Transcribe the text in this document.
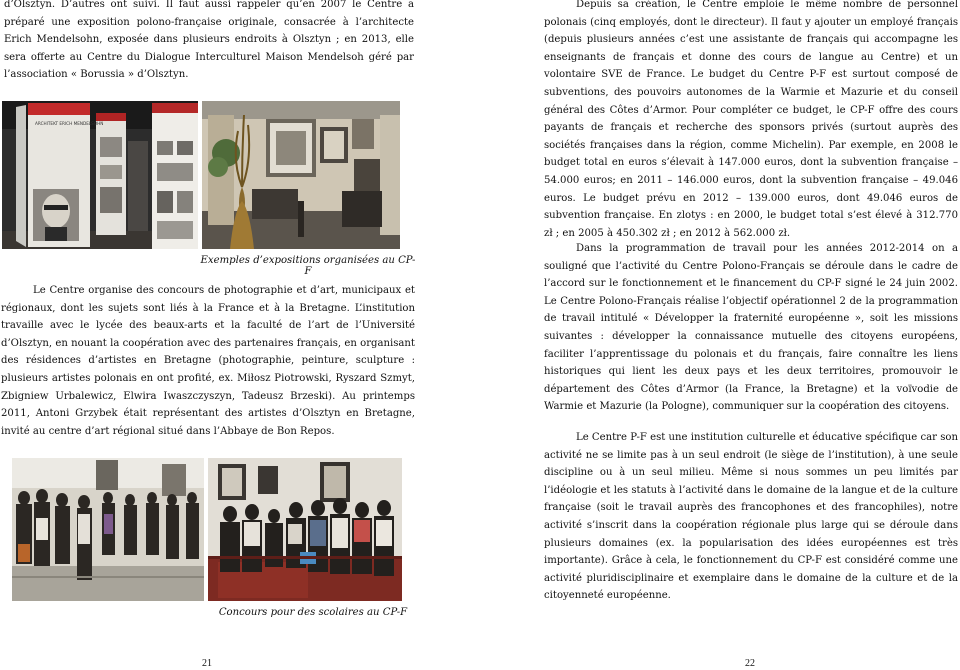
d’Olsztyn. D’autres ont suivi. Il faut aussi rappeler qu’en 2007 le Centre a préparé une exposition polono-française originale, consacrée à l’architecte Erich Mendelsohn, exposée dans plusieurs endroits à Olsztyn ; en 2013, elle sera offerte au Centre du Dialogue Interculturel Maison Mendelsoh géré par l’association « Borussia » d’Olsztyn.

ARCHITEKT ERICH MENDELSOHN

Exemples d’expositions organisées au CP-F

Le Centre organise des concours de photographie et d’art, municipaux et régionaux, dont les sujets sont liés à la France et à la Bretagne. L’institution travaille avec le lycée des beaux-arts et la faculté de l’art de l’Université d’Olsztyn, en nouant la coopération avec des partenaires français, en organisant des résidences d’artistes en Bretagne (photographie, peinture, sculpture : plusieurs artistes polonais en ont profité, ex. Miłosz Piotrowski, Ryszard Szmyt, Zbigniew Urbalewicz, Elwira Iwaszczyszyn, Tadeusz Brzeski). Au printemps 2011, Antoni Grzybek était représentant des artistes d’Olsztyn en Bretagne, invité au centre d’art régional situé dans l’Abbaye de Bon Repos.

Concours pour des scolaires au CP-F

21

Depuis sa création, le Centre emploie le même nombre de personnel polonais (cinq employés, dont le directeur). Il faut y ajouter un employé français (depuis plusieurs années c’est une assistante de français qui accompagne les enseignants de français et donne des cours de langue au Centre) et un volontaire SVE de France. Le budget du Centre P-F est surtout composé de subventions, des pouvoirs autonomes de la Warmie et Mazurie et du conseil général des Côtes d’Armor. Pour compléter ce budget, le CP-F offre des cours payants de français et recherche des sponsors privés (surtout auprès des sociétés françaises dans la région, comme Michelin). Par exemple, en 2008 le budget total en euros s’élevait à 147.000 euros, dont la subvention française – 54.000 euros; en 2011 – 146.000 euros, dont la subvention française – 49.046 euros. Le budget prévu en 2012 – 139.000 euros, dont 49.046 euros de subvention française. En zlotys : en 2000, le budget total s’est élevé à 312.770 zł ; en 2005 à 450.302 zł ; en 2012 à 562.000 zł.

Dans la programmation de travail pour les années 2012-2014 on a souligné que l’activité du Centre Polono-Français se déroule dans le cadre de l’accord sur le fonctionnement et le financement du CP-F signé le 24 juin 2002. Le Centre Polono-Français réalise l’objectif opérationnel 2 de la programmation de travail intitulé « Développer la fraternité européenne », soit les missions suivantes : développer la connaissance mutuelle des citoyens européens, faciliter l’apprentissage du polonais et du français, faire connaître les liens historiques qui lient les deux pays et les deux territoires, promouvoir le département des Côtes d’Armor (la France, la Bretagne) et la voïvodie de Warmie et Mazurie (la Pologne), communiquer sur la coopération des citoyens.

Le Centre P-F est une institution culturelle et éducative spécifique car son activité ne se limite pas à un seul endroit (le siège de l’institution), à une seule discipline ou à un seul milieu. Même si nous sommes un peu limités par l’idéologie et les statuts à l’activité dans le domaine de la langue et de la culture française (soit le travail auprès des francophones et des francophiles), notre activité s’inscrit dans la coopération régionale plus large qui se déroule dans plusieurs domaines (ex. la popularisation des idées européennes est très importante). Grâce à cela, le fonctionnement du CP-F est considéré comme une activité pluridisciplinaire et exemplaire dans le domaine de la culture et de la citoyenneté européenne.

22
